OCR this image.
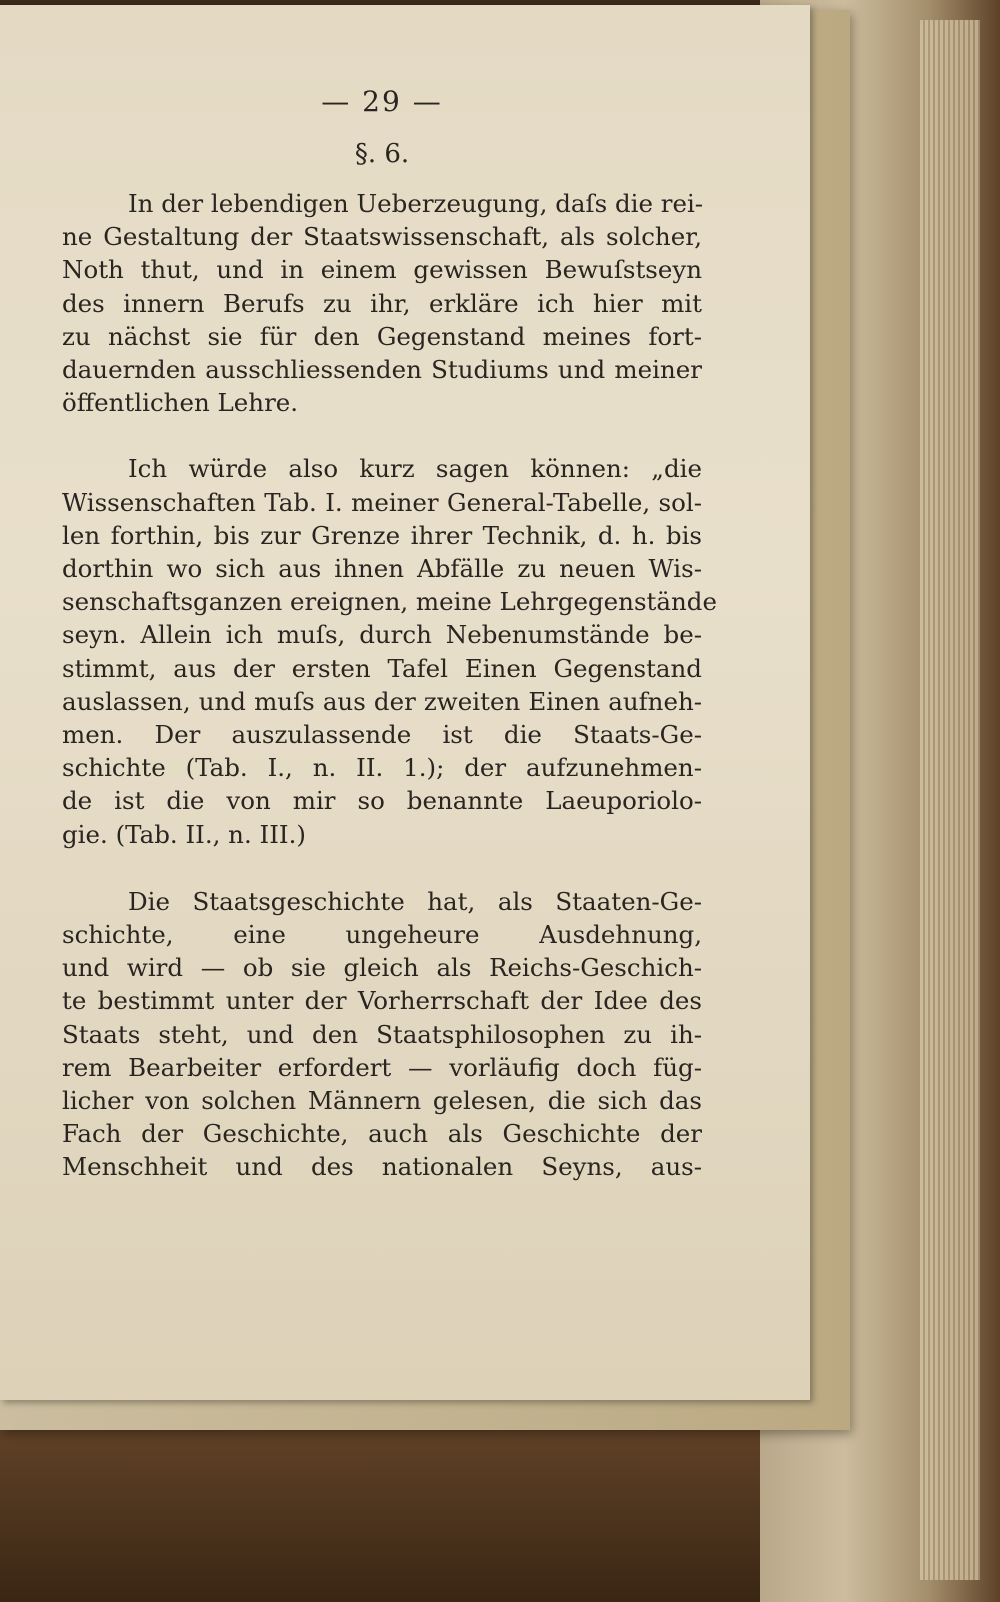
— 29 —
§. 6.
In der lebendigen Ueberzeugung, daſs die rei-
ne Gestaltung der Staatswissenschaft, als solcher,
Noth thut, und in einem gewissen Bewuſstseyn
des innern Berufs zu ihr, erkläre ich hier mit
zu nächst sie für den Gegenstand meines fort-
dauernden ausschliessenden Studiums und meiner
öffentlichen Lehre.
Ich würde also kurz sagen können: „die
Wissenschaften Tab. I. meiner General-Tabelle, sol-
len forthin, bis zur Grenze ihrer Technik, d. h. bis
dorthin wo sich aus ihnen Abfälle zu neuen Wis-
senschaftsganzen ereignen, meine Lehrgegenstände
seyn. Allein ich muſs, durch Nebenumstände be-
stimmt, aus der ersten Tafel Einen Gegenstand
auslassen, und muſs aus der zweiten Einen aufneh-
men. Der auszulassende ist die Staats-Ge-
schichte (Tab. I., n. II. 1.); der aufzunehmen-
de ist die von mir so benannte Laeuporiolo-
gie. (Tab. II., n. III.)
Die Staatsgeschichte hat, als Staaten-Ge-
schichte, eine ungeheure Ausdehnung,
und wird — ob sie gleich als Reichs-Geschich-
te bestimmt unter der Vorherrschaft der Idee des
Staats steht, und den Staatsphilosophen zu ih-
rem Bearbeiter erfordert — vorläufig doch füg-
licher von solchen Männern gelesen, die sich das
Fach der Geschichte, auch als Geschichte der
Menschheit und des nationalen Seyns, aus-
